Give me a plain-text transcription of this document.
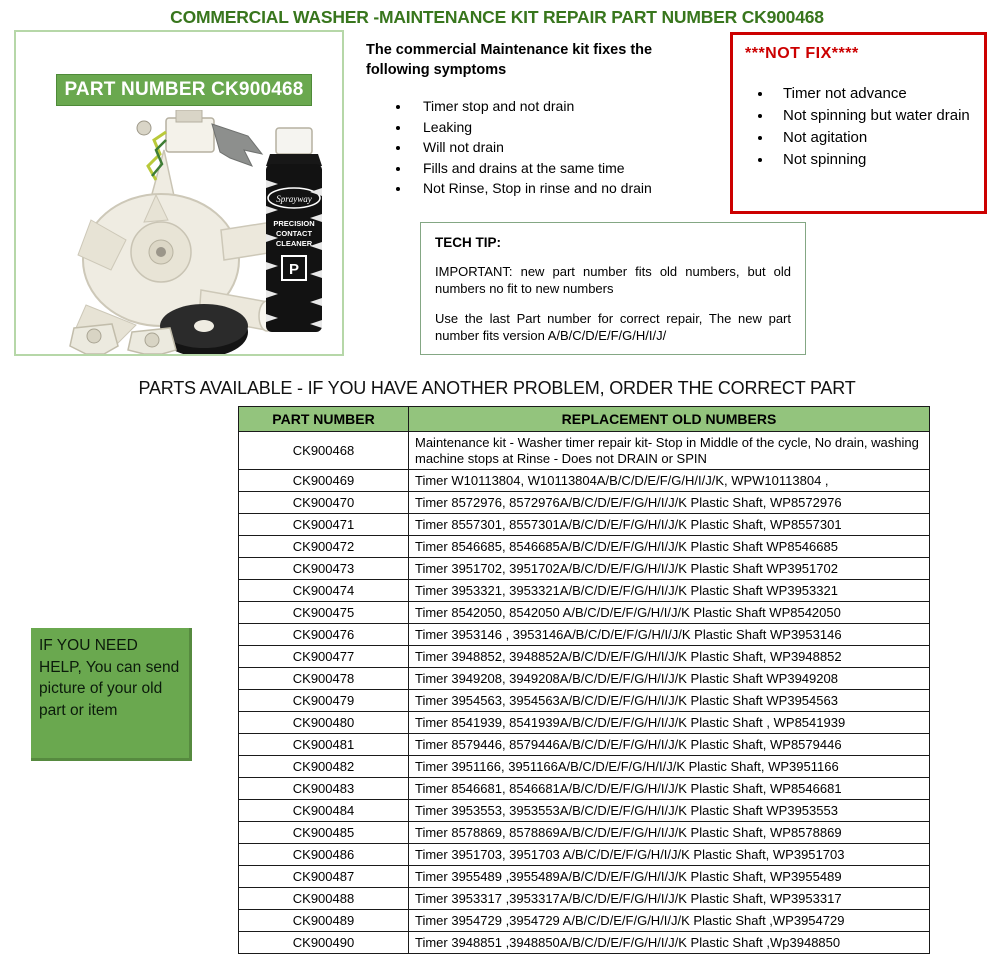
COMMERCIAL WASHER -MAINTENANCE KIT REPAIR PART NUMBER CK900468
PART NUMBER CK900468
Sprayway
PRECISION
CONTACT
CLEANER
P
The commercial Maintenance kit fixes the following symptoms
• Timer stop and not drain
• Leaking
• Will not drain
• Fills and drains at the same time
• Not Rinse, Stop in rinse and no drain
***NOT FIX****
• Timer not advance
• Not spinning but water drain
• Not agitation
• Not spinning
TECH TIP:
IMPORTANT: new part number fits old numbers, but old numbers no fit to new numbers
Use the last Part number for correct repair, The new part number fits version A/B/C/D/E/F/G/H/I/J/
PARTS AVAILABLE - IF YOU HAVE ANOTHER PROBLEM, ORDER THE CORRECT PART
PART NUMBER	REPLACEMENT OLD NUMBERS
CK900468	Maintenance kit - Washer timer repair kit- Stop in Middle of the cycle, No drain, washing machine stops at Rinse - Does not DRAIN or SPIN
CK900469	Timer W10113804, W10113804A/B/C/D/E/F/G/H/I/J/K, WPW10113804 ,
CK900470	Timer 8572976, 8572976A/B/C/D/E/F/G/H/I/J/K Plastic Shaft, WP8572976
CK900471	Timer 8557301, 8557301A/B/C/D/E/F/G/H/I/J/K Plastic Shaft, WP8557301
CK900472	Timer 8546685, 8546685A/B/C/D/E/F/G/H/I/J/K Plastic Shaft WP8546685
CK900473	Timer 3951702, 3951702A/B/C/D/E/F/G/H/I/J/K Plastic Shaft WP3951702
CK900474	Timer 3953321, 3953321A/B/C/D/E/F/G/H/I/J/K Plastic Shaft WP3953321
CK900475	Timer 8542050, 8542050 A/B/C/D/E/F/G/H/I/J/K Plastic Shaft WP8542050
CK900476	Timer 3953146 , 3953146A/B/C/D/E/F/G/H/I/J/K Plastic Shaft WP3953146
CK900477	Timer 3948852, 3948852A/B/C/D/E/F/G/H/I/J/K Plastic Shaft, WP3948852
CK900478	Timer 3949208, 3949208A/B/C/D/E/F/G/H/I/J/K Plastic Shaft WP3949208
CK900479	Timer 3954563, 3954563A/B/C/D/E/F/G/H/I/J/K Plastic Shaft WP3954563
CK900480	Timer 8541939, 8541939A/B/C/D/E/F/G/H/I/J/K Plastic Shaft , WP8541939
CK900481	Timer 8579446, 8579446A/B/C/D/E/F/G/H/I/J/K Plastic Shaft, WP8579446
CK900482	Timer 3951166, 3951166A/B/C/D/E/F/G/H/I/J/K Plastic Shaft, WP3951166
CK900483	Timer 8546681, 8546681A/B/C/D/E/F/G/H/I/J/K Plastic Shaft, WP8546681
CK900484	Timer 3953553, 3953553A/B/C/D/E/F/G/H/I/J/K Plastic Shaft WP3953553
CK900485	Timer 8578869, 8578869A/B/C/D/E/F/G/H/I/J/K Plastic Shaft, WP8578869
CK900486	Timer 3951703, 3951703 A/B/C/D/E/F/G/H/I/J/K Plastic Shaft, WP3951703
CK900487	Timer 3955489 ,3955489A/B/C/D/E/F/G/H/I/J/K Plastic Shaft, WP3955489
CK900488	Timer 3953317 ,3953317A/B/C/D/E/F/G/H/I/J/K Plastic Shaft, WP3953317
CK900489	Timer 3954729 ,3954729 A/B/C/D/E/F/G/H/I/J/K Plastic Shaft ,WP3954729
CK900490	Timer 3948851 ,3948850A/B/C/D/E/F/G/H/I/J/K Plastic Shaft ,Wp3948850
IF YOU NEED HELP, You can send picture of your old part or item
